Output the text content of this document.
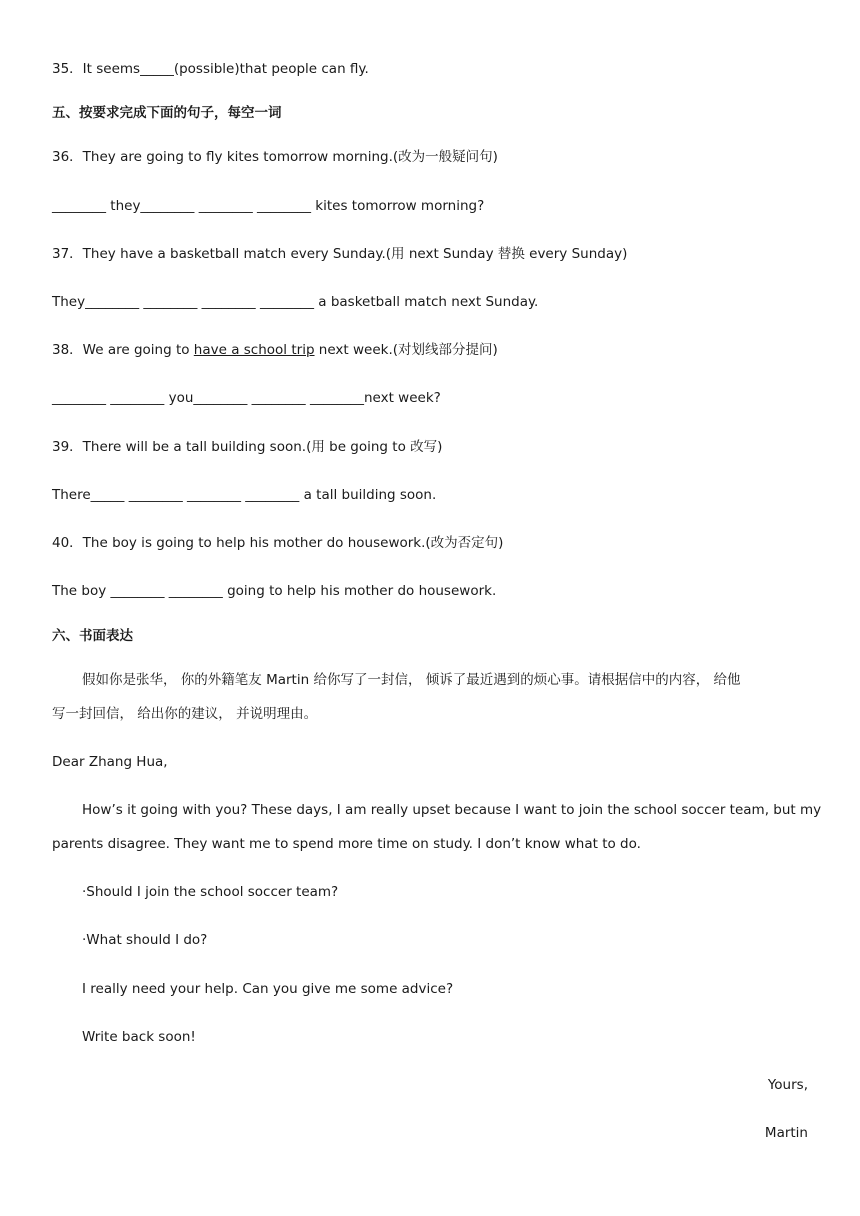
35．It seems_____(possible)that people can fly.
五、按要求完成下面的句子，每空一词
36．They are going to fly kites tomorrow morning.(改为一般疑问句)
________ they________ ________ ________ kites tomorrow morning?
37．They have a basketball match every Sunday.(用 next Sunday 替换 every Sunday)
They________ ________ ________ ________ a basketball match next Sunday.
38．We are going to have a school trip next week.(对划线部分提问)
________ ________ you________ ________ ________next week?
39．There will be a tall building soon.(用 be going to 改写)
There_____ ________ ________ ________ a tall building soon.
40．The boy is going to help his mother do housework.(改为否定句)
The boy ________ ________ going to help his mother do housework.
六、书面表达
假如你是张华， 你的外籍笔友 Martin 给你写了一封信， 倾诉了最近遇到的烦心事。请根据信中的内容， 给他
写一封回信， 给出你的建议， 并说明理由。
Dear Zhang Hua,
How’s it going with you? These days, I am really upset because I want to join the school soccer team, but my
parents disagree. They want me to spend more time on study. I don’t know what to do.
·Should I join the school soccer team?
·What should I do?
I really need your help. Can you give me some advice?
Write back soon!
Yours,
Martin
